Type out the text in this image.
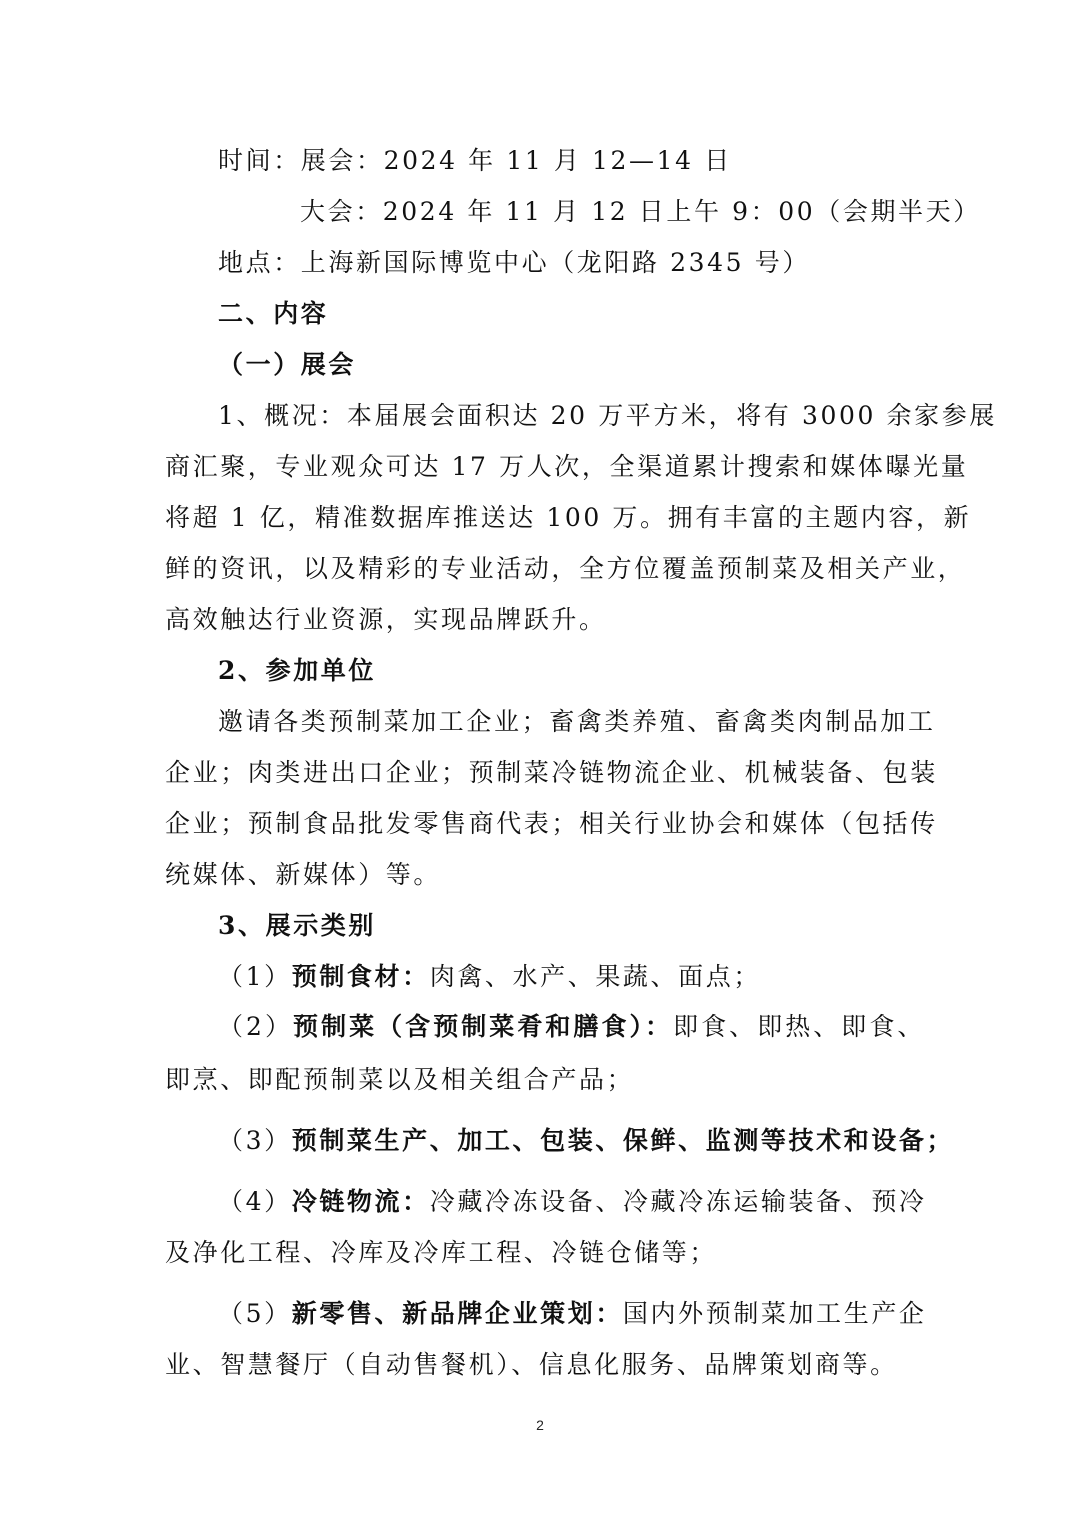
时间：展会：2024 年 11 月 12—14 日
大会：2024 年 11 月 12 日上午 9：00（会期半天）
地点：上海新国际博览中心（龙阳路 2345 号）
二、内容
（一）展会
1、概况：本届展会面积达 20 万平方米，将有 3000 余家参展
商汇聚，专业观众可达 17 万人次，全渠道累计搜索和媒体曝光量
将超 1 亿，精准数据库推送达 100 万。拥有丰富的主题内容，新
鲜的资讯，以及精彩的专业活动，全方位覆盖预制菜及相关产业，
高效触达行业资源，实现品牌跃升。
2、参加单位
邀请各类预制菜加工企业；畜禽类养殖、畜禽类肉制品加工
企业；肉类进出口企业；预制菜冷链物流企业、机械装备、包装
企业；预制食品批发零售商代表；相关行业协会和媒体（包括传
统媒体、新媒体）等。
3、展示类别
（1）预制食材：肉禽、水产、果蔬、面点；
（2）预制菜（含预制菜肴和膳食）：即食、即热、即食、
即烹、即配预制菜以及相关组合产品；
（3）预制菜生产、加工、包装、保鲜、监测等技术和设备；
（4）冷链物流：冷藏冷冻设备、冷藏冷冻运输装备、预冷
及净化工程、冷库及冷库工程、冷链仓储等；
（5）新零售、新品牌企业策划：国内外预制菜加工生产企
业、智慧餐厅（自动售餐机）、信息化服务、品牌策划商等。
2
